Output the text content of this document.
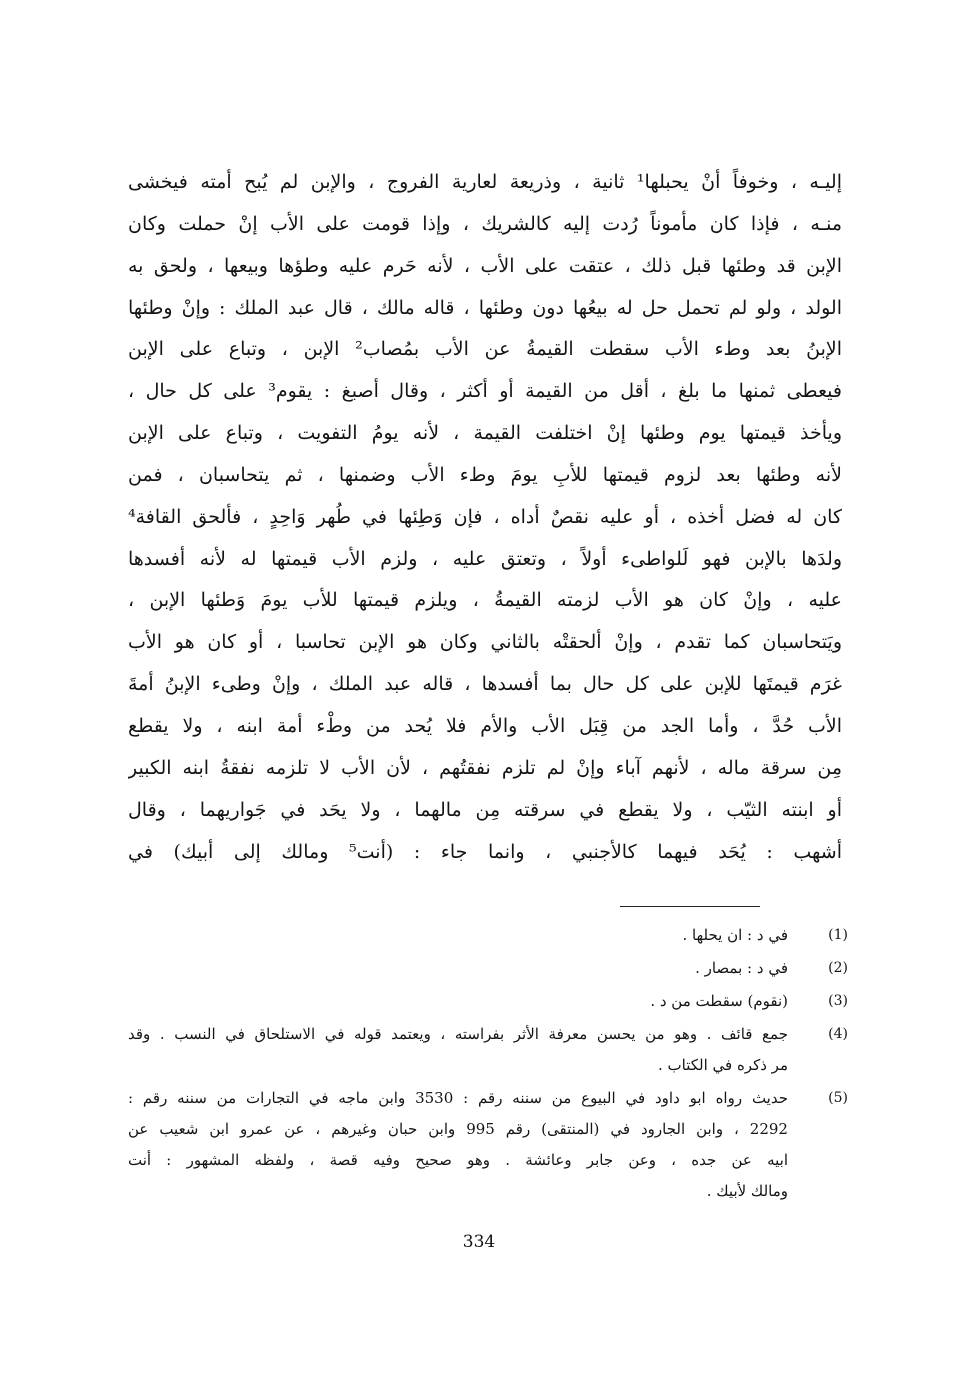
إليـه ، وخوفاً أنْ يحبلها¹ ثانية ، وذريعة لعارية الفروج ، والإبن لم يُبح أمته فيخشى
منـه ، فإذا كان مأموناً رُدت إليه كالشريك ، وإذا قومت على الأب إنْ حملت وكان
الإبن قد وطئها قبل ذلك ، عتقت على الأب ، لأنه حَرم عليه وطؤها وبيعها ، ولحق به
الولد ، ولو لم تحمل حل له بيعُها دون وطئها ، قاله مالك ، قال عبد الملك : وإنْ وطئها
الإبنُ بعد وطء الأب سقطت القيمةُ عن الأب بمُصاب² الإبن ، وتباع على الإبن
فيعطى ثمنها ما بلغ ، أقل من القيمة أو أكثر ، وقال أصبغ : يقوم³ على كل حال ،
ويأخذ قيمتها يوم وطئها إنْ اختلفت القيمة ، لأنه يومُ التفويت ، وتباع على الإبن
لأنه وطئها بعد لزوم قيمتها للأبِ يومَ وطء الأب وضمنها ، ثم يتحاسبان ، فمن
كان له فضل أخذه ، أو عليه نقصٌ أداه ، فإن وَطِئها في طُهر وَاحِدٍ ، فألحق القافة⁴
ولدَها بالإبن فهو لَلواطىء أولاً ، وتعتق عليه ، ولزم الأب قيمتها له لأنه أفسدها
عليه ، وإنْ كان هو الأب لزمته القيمةُ ، ويلزم قيمتها للأب يومَ وَطئها الإبن ،
ويَتحاسبان كما تقدم ، وإنْ ألحقتْه بالثاني وكان هو الإبن تحاسبا ، أو كان هو الأب
غرَم قيمتَها للإبن على كل حال بما أفسدها ، قاله عبد الملك ، وإنْ وطىء الإبنُ أمةَ
الأب حُدَّ ، وأما الجد من قِبَل الأب والأم فلا يُحد من وطْء أمة ابنه ، ولا يقطع
مِن سرقة ماله ، لأنهم آباء وإنْ لم تلزم نفقتُهم ، لأن الأب لا تلزمه نفقةُ ابنه الكبير
أو ابنته الثيّب ، ولا يقطع في سرقته مِن مالهما ، ولا يحَد في جَواريهما ، وقال
أشهب : يُحَد فيهما كالأجنبي ، وانما جاء : (أنت⁵ ومالك إلى أبيك) في
(1)
في د : ان يحلها .
(2)
في د : بمصار .
(3)
(نقوم) سقطت من د .
(4)
جمع قائف . وهو من يحسن معرفة الأثر بفراسته ، ويعتمد قوله في الاستلحاق في النسب . وقد
مر ذكره في الكتاب .
(5)
حديث رواه ابو داود في البيوع من سننه رقم : 3530 وابن ماجه في التجارات من سننه رقم :
2292 ، وابن الجارود في (المنتقى) رقم 995 وابن حبان وغيرهم ، عن عمرو ابن شعيب عن
ابيه عن جده ، وعن جابر وعائشة . وهو صحيح وفيه قصة ، ولفظه المشهور : أنت
ومالك لأبيك .
334
